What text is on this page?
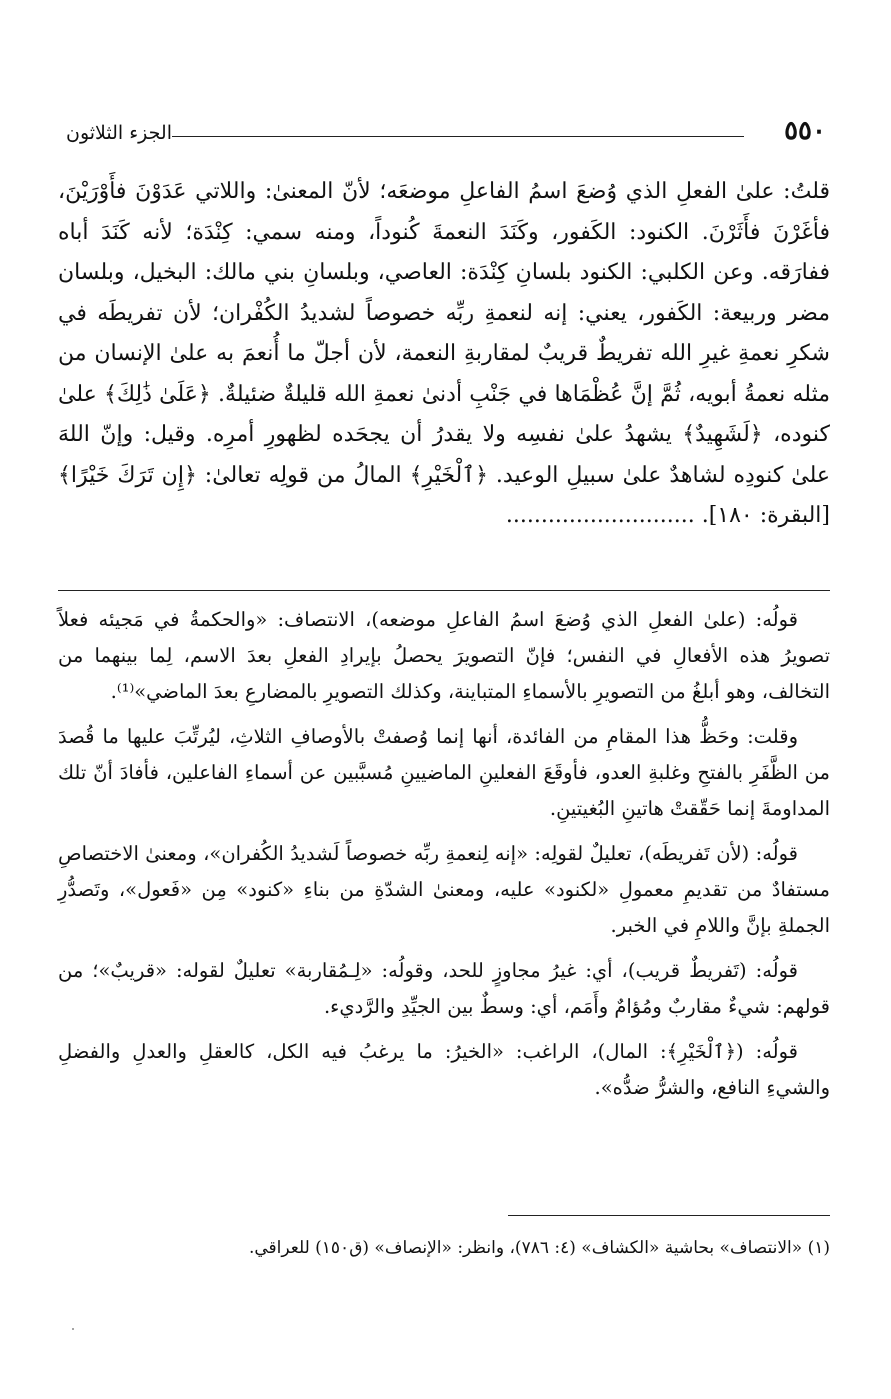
٥٥٠
الجزء الثلاثون

قلتُ: علىٰ الفعلِ الذي وُضعَ اسمُ الفاعلِ موضعَه؛ لأنّ المعنىٰ: واللاتي عَدَوْنَ فأَوْرَيْنَ، فأغَرْنَ فأَثَرْنَ. الكنود: الكَفور، وكَنَدَ النعمةَ كُنوداً، ومنه سمي: كِنْدَة؛ لأنه كَنَدَ أباه ففارَقه. وعن الكلبي: الكنود بلسانِ كِنْدَة: العاصي، وبلسانِ بني مالك: البخيل، وبلسان مضر وربيعة: الكَفور، يعني: إنه لنعمةِ ربِّه خصوصاً لشديدُ الكُفْران؛ لأن تفريطَه في شكرِ نعمةِ غيرِ الله تفريطٌ قريبٌ لمقاربةِ النعمة، لأن أجلّ ما أُنعمَ به علىٰ الإنسان من مثله نعمةُ أبويه، ثُمَّ إنَّ عُظْمَاها في جَنْبِ أدنىٰ نعمةِ الله قليلةٌ ضئيلةٌ. ﴿عَلَىٰ ذَٰلِكَ﴾ علىٰ كنوده، ﴿لَشَهِيدٌ﴾ يشهدُ علىٰ نفسِه ولا يقدرُ أن يجحَده لظهورِ أمرِه. وقيل: وإنّ اللهَ علىٰ كنودِه لشاهدٌ علىٰ سبيلِ الوعيد. ﴿ٱلْخَيْرِ﴾ المالُ من قولِه تعالىٰ: ﴿إِن تَرَكَ خَيْرًا﴾ [البقرة: ١٨٠]. ...........................

قولُه: (علىٰ الفعلِ الذي وُضعَ اسمُ الفاعلِ موضعه)، الانتصاف: «والحكمةُ في مَجيئه فعلاً تصويرُ هذه الأفعالِ في النفس؛ فإنّ التصويرَ يحصلُ بإيرادِ الفعلِ بعدَ الاسم، لِما بينهما من التخالف، وهو أبلغُ من التصويرِ بالأسماءِ المتباينة، وكذلك التصويرِ بالمضارعِ بعدَ الماضي»⁽¹⁾.

وقلت: وحَظُّ هذا المقامِ من الفائدة، أنها إنما وُصفتْ بالأوصافِ الثلاثِ، ليُرتِّبَ عليها ما قُصدَ من الظَّفَرِ بالفتحِ وغلبةِ العدو، فأوقَعَ الفعلينِ الماضيينِ مُسبَّبين عن أسماءِ الفاعلين، فأفادَ أنّ تلك المداومةَ إنما حَقّقتْ هاتينِ البُغيتينِ.

قولُه: (لأن تَفريطَه)، تعليلٌ لقولِه: «إنه لِنعمةِ ربِّه خصوصاً لَشديدُ الكُفران»، ومعنىٰ الاختصاصِ مستفادٌ من تقديمِ معمولِ «لكنود» عليه، ومعنىٰ الشدّةِ من بناءِ «كنود» مِن «فَعول»، وتَصدُّرِ الجملةِ بإنَّ واللامِ في الخبر.

قولُه: (تَفريطٌ قريب)، أي: غيرُ مجاوزٍ للحد، وقولُه: «لِـمُقاربة» تعليلٌ لقوله: «قريبٌ»؛ من قولهم: شيءٌ مقاربٌ ومُؤامٌ وأَمَم، أي: وسطٌ بين الجيِّدِ والرَّديء.

قولُه: (﴿ٱلْخَيْرِ﴾: المال)، الراغب: «الخيرُ: ما يرغبُ فيه الكل، كالعقلِ والعدلِ والفضلِ والشيءِ النافع، والشرُّ ضدُّه».

(١) «الانتصاف» بحاشية «الكشاف» (٤: ٧٨٦)، وانظر: «الإنصاف» (ق١٥٠) للعراقي.
